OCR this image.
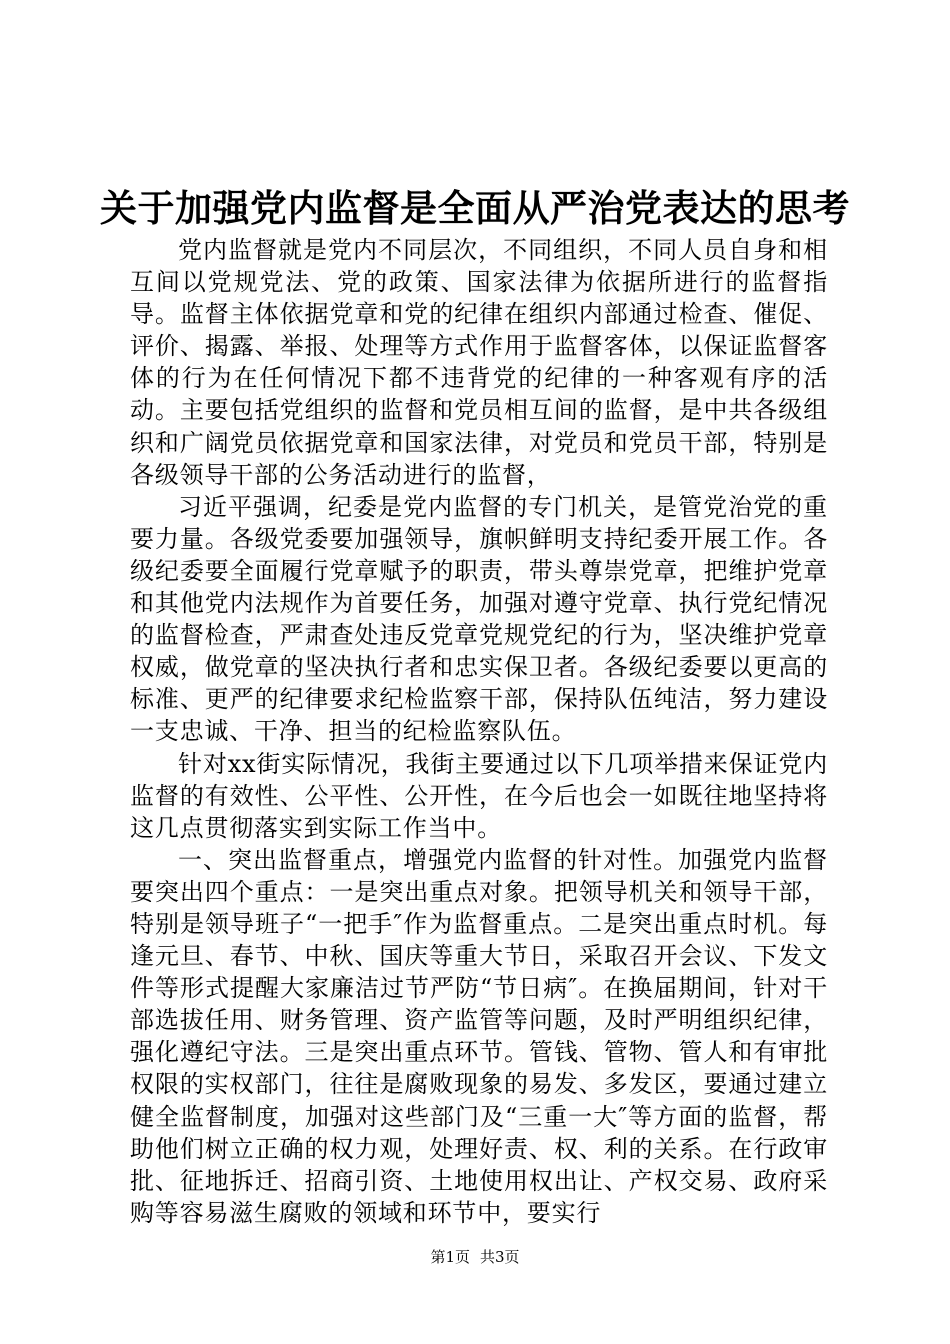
关于加强党内监督是全面从严治党表达的思考

党内监督就是党内不同层次，不同组织，不同人员自身和相互间以党规党法、党的政策、国家法律为依据所进行的监督指导。监督主体依据党章和党的纪律在组织内部通过检查、催促、评价、揭露、举报、处理等方式作用于监督客体，以保证监督客体的行为在任何情况下都不违背党的纪律的一种客观有序的活动。主要包括党组织的监督和党员相互间的监督，是中共各级组织和广阔党员依据党章和国家法律，对党员和党员干部，特别是各级领导干部的公务活动进行的监督，

习近平强调，纪委是党内监督的专门机关，是管党治党的重要力量。各级党委要加强领导，旗帜鲜明支持纪委开展工作。各级纪委要全面履行党章赋予的职责，带头尊崇党章，把维护党章和其他党内法规作为首要任务，加强对遵守党章、执行党纪情况的监督检查，严肃查处违反党章党规党纪的行为，坚决维护党章权威，做党章的坚决执行者和忠实保卫者。各级纪委要以更高的标准、更严的纪律要求纪检监察干部，保持队伍纯洁，努力建设一支忠诚、干净、担当的纪检监察队伍。

针对xx街实际情况，我街主要通过以下几项举措来保证党内监督的有效性、公平性、公开性，在今后也会一如既往地坚持将这几点贯彻落实到实际工作当中。

一、突出监督重点，增强党内监督的针对性。加强党内监督要突出四个重点：一是突出重点对象。把领导机关和领导干部，特别是领导班子“一把手″作为监督重点。二是突出重点时机。每逢元旦、春节、中秋、国庆等重大节日，采取召开会议、下发文件等形式提醒大家廉洁过节严防“节日病″。在换届期间，针对干部选拔任用、财务管理、资产监管等问题，及时严明组织纪律，强化遵纪守法。三是突出重点环节。管钱、管物、管人和有审批权限的实权部门，往往是腐败现象的易发、多发区，要通过建立健全监督制度，加强对这些部门及“三重一大″等方面的监督，帮助他们树立正确的权力观，处理好责、权、利的关系。在行政审批、征地拆迁、招商引资、土地使用权出让、产权交易、政府采购等容易滋生腐败的领域和环节中，要实行

第1页 共3页
